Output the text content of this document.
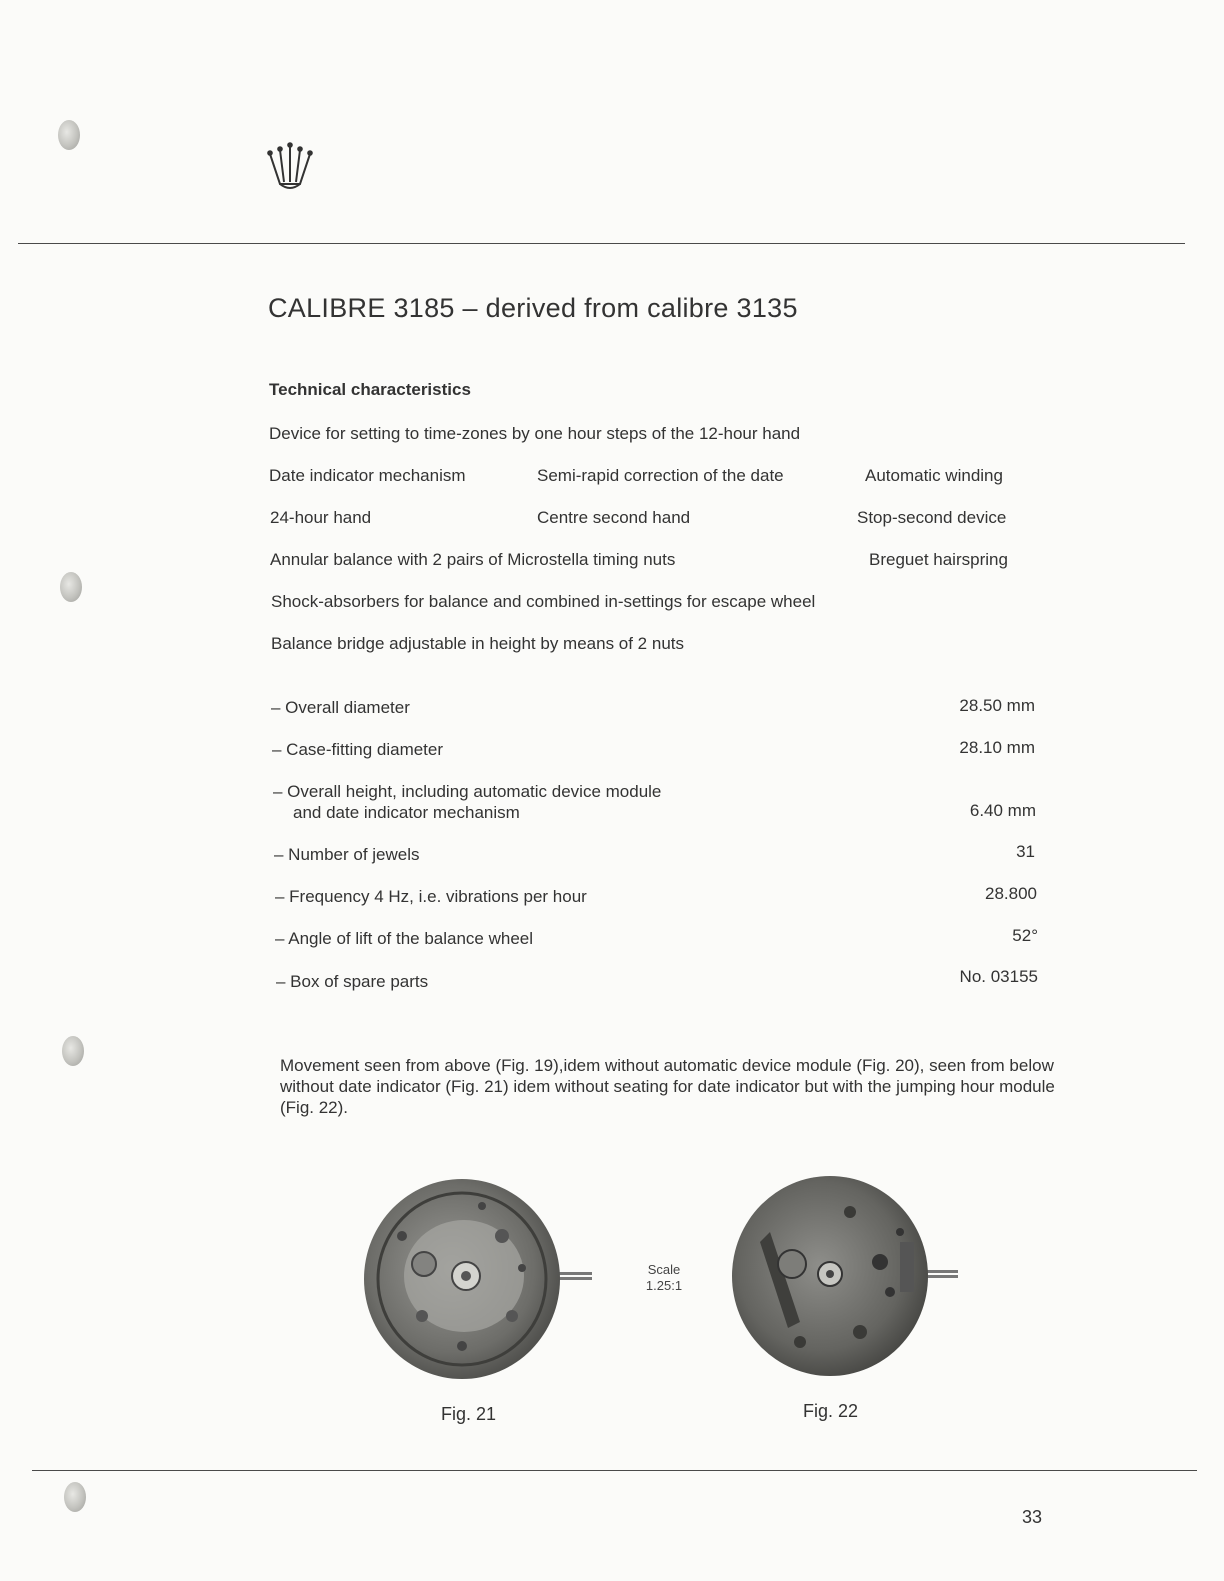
CALIBRE 3185 – derived from calibre 3135
Technical characteristics
Device for setting to time-zones by one hour steps of the 12-hour hand
Date indicator mechanism	Semi-rapid correction of the date	Automatic winding
24-hour hand	Centre second hand	Stop-second device
Annular balance with 2 pairs of Microstella timing nuts	Breguet hairspring
Shock-absorbers for balance and combined in-settings for escape wheel
Balance bridge adjustable in height by means of 2 nuts
– Overall diameter	28.50 mm
– Case-fitting diameter	28.10 mm
– Overall height, including automatic device module
and date indicator mechanism	6.40 mm
– Number of jewels	31
– Frequency 4 Hz, i.e. vibrations per hour	28.800
– Angle of lift of the balance wheel	52°
– Box of spare parts	No. 03155
Movement seen from above (Fig. 19),idem without automatic device module (Fig. 20), seen from below without date indicator (Fig. 21) idem without seating for date indicator but with the jumping hour module (Fig. 22).
Scale
1.25:1
Fig. 21	Fig. 22
33
